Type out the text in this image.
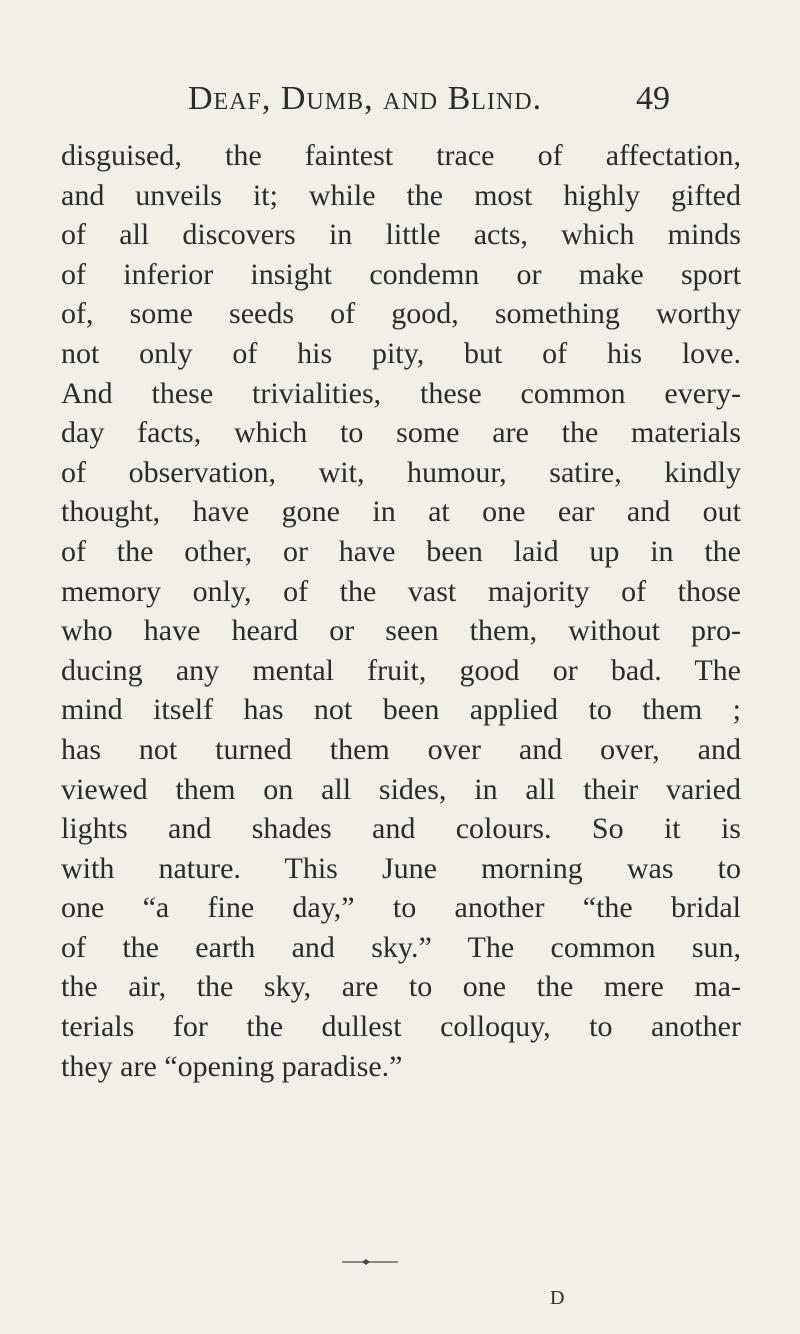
Deaf, Dumb, and Blind.	49
disguised, the faintest trace of affectation,
and unveils it; while the most highly gifted
of all discovers in little acts, which minds
of inferior insight condemn or make sport
of, some seeds of good, something worthy
not only of his pity, but of his love.
And these trivialities, these common every-
day facts, which to some are the materials
of observation, wit, humour, satire, kindly
thought, have gone in at one ear and out
of the other, or have been laid up in the
memory only, of the vast majority of those
who have heard or seen them, without pro-
ducing any mental fruit, good or bad. The
mind itself has not been applied to them ;
has not turned them over and over, and
viewed them on all sides, in all their varied
lights and shades and colours. So it is
with nature. This June morning was to
one “a fine day,” to another “the bridal
of the earth and sky.” The common sun,
the air, the sky, are to one the mere ma-
terials for the dullest colloquy, to another
they are “opening paradise.”
D
